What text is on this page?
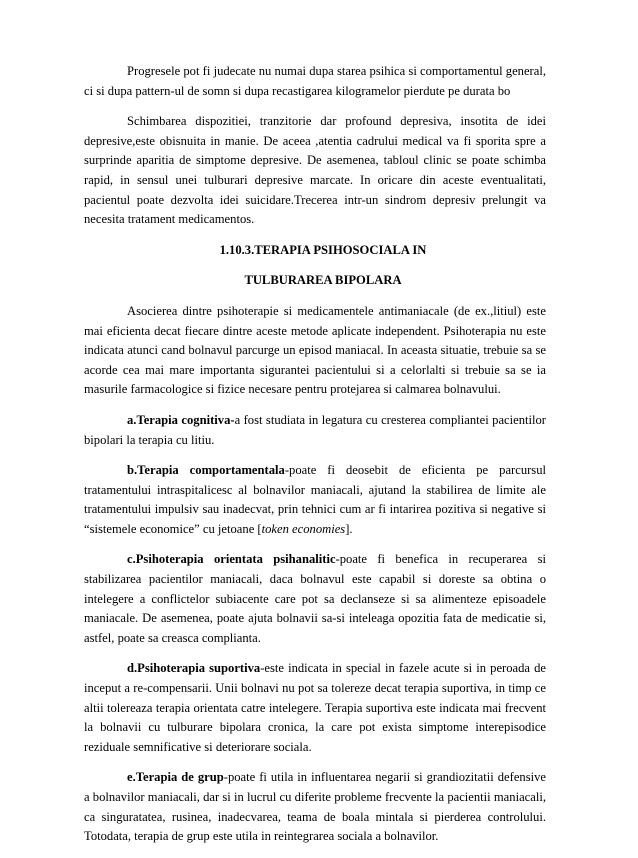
Progresele pot fi judecate nu numai dupa starea psihica si comportamentul general, ci si dupa pattern-ul de somn si dupa recastigarea kilogramelor pierdute pe durata bo

Schimbarea dispozitiei, tranzitorie dar profound depresiva, insotita de idei depresive,este obisnuita in manie. De aceea ,atentia cadrului medical va fi sporita spre a surprinde aparitia de simptome depresive. De asemenea, tabloul clinic se poate schimba rapid, in sensul unei tulburari depresive marcate. In oricare din aceste eventualitati, pacientul poate dezvolta idei suicidare.Trecerea intr-un sindrom depresiv prelungit va necesita tratament medicamentos.

1.10.3.TERAPIA PSIHOSOCIALA IN
TULBURAREA BIPOLARA

Asocierea dintre psihoterapie si medicamentele antimaniacale (de ex.,litiul) este mai eficienta decat fiecare dintre aceste metode aplicate independent. Psihoterapia nu este indicata atunci cand bolnavul parcurge un episod maniacal. In aceasta situatie, trebuie sa se acorde cea mai mare importanta sigurantei pacientului si a celorlalti si trebuie sa se ia masurile farmacologice si fizice necesare pentru protejarea si calmarea bolnavului.

a.Terapia cognitiva-a fost studiata in legatura cu cresterea compliantei pacientilor bipolari la terapia cu litiu.

b.Terapia comportamentala-poate fi deosebit de eficienta pe parcursul tratamentului intraspitalicesc al bolnavilor maniacali, ajutand la stabilirea de limite ale tratamentului impulsiv sau inadecvat, prin tehnici cum ar fi intarirea pozitiva si negative si “sistemele economice” cu jetoane [token economies].

c.Psihoterapia orientata psihanalitic-poate fi benefica in recuperarea si stabilizarea pacientilor maniacali, daca bolnavul este capabil si doreste sa obtina o intelegere a conflictelor subiacente care pot sa declanseze si sa alimenteze episoadele maniacale. De asemenea, poate ajuta bolnavii sa-si inteleaga opozitia fata de medicatie si, astfel, poate sa creasca complianta.

d.Psihoterapia suportiva-este indicata in special in fazele acute si in peroada de inceput a re-compensarii. Unii bolnavi nu pot sa tolereze decat terapia suportiva, in timp ce altii tolereaza terapia orientata catre intelegere. Terapia suportiva este indicata mai frecvent la bolnavii cu tulburare bipolara cronica, la care pot exista simptome interepisodice reziduale semnificative si deteriorare sociala.

e.Terapia de grup-poate fi utila in influentarea negarii si grandiozitatii defensive a bolnavilor maniacali, dar si in lucrul cu diferite probleme frecvente la pacientii maniacali, ca singuratatea, rusinea, inadecvarea, teama de boala mintala si pierderea controlului. Totodata, terapia de grup este utila in reintegrarea sociala a bolnavilor.
